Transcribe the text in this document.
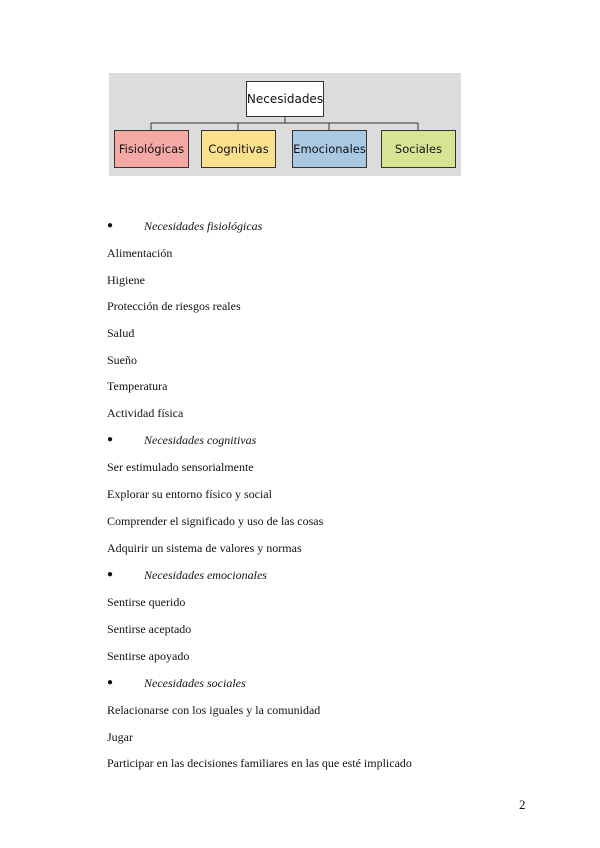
Necesidades
Fisiológicas	Cognitivas	Emocionales	Sociales
●	Necesidades fisiológicas
Alimentación
Higiene
Protección de riesgos reales
Salud
Sueño
Temperatura
Actividad física
●	Necesidades cognitivas
Ser estimulado sensorialmente
Explorar su entorno físico y social
Comprender el significado y uso de las cosas
Adquirir un sistema de valores y normas
●	Necesidades emocionales
Sentirse querido
Sentirse aceptado
Sentirse apoyado
●	Necesidades sociales
Relacionarse con los iguales y la comunidad
Jugar
Participar en las decisiones familiares en las que esté implicado
2
